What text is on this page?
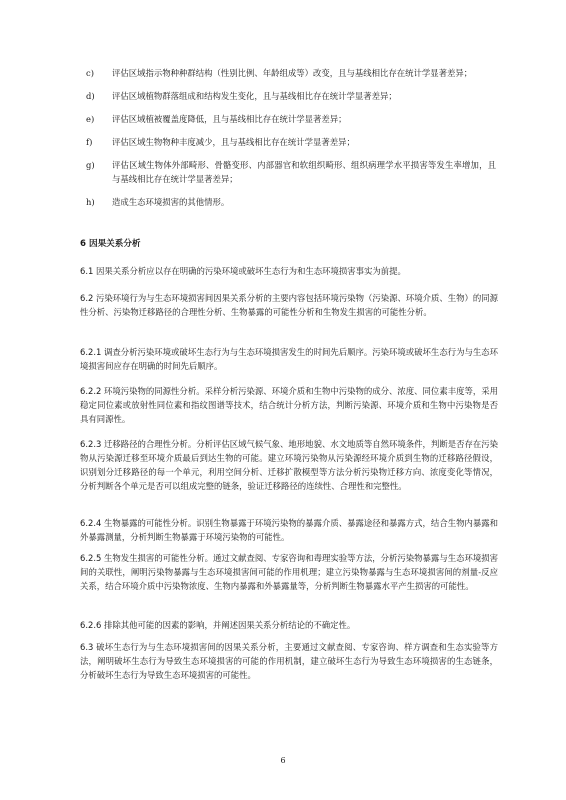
c)	评估区域指示物种种群结构（性别比例、年龄组成等）改变，且与基线相比存在统计学显著差异；
d)	评估区域植物群落组成和结构发生变化，且与基线相比存在统计学显著差异；
e)	评估区域植被覆盖度降低，且与基线相比存在统计学显著差异；
f)	评估区域生物物种丰度减少，且与基线相比存在统计学显著差异；
g)	评估区域生物体外部畸形、骨骼变形、内部器官和软组织畸形、组织病理学水平损害等发生率增加，且与基线相比存在统计学显著差异；
h)	造成生态环境损害的其他情形。
6 因果关系分析
6.1 因果关系分析应以存在明确的污染环境或破坏生态行为和生态环境损害事实为前提。
6.2 污染环境行为与生态环境损害间因果关系分析的主要内容包括环境污染物（污染源、环境介质、生物）的同源性分析、污染物迁移路径的合理性分析、生物暴露的可能性分析和生物发生损害的可能性分析。
6.2.1 调查分析污染环境或破坏生态行为与生态环境损害发生的时间先后顺序。污染环境或破坏生态行为与生态环境损害间应存在明确的时间先后顺序。
6.2.2 环境污染物的同源性分析。采样分析污染源、环境介质和生物中污染物的成分、浓度、同位素丰度等，采用稳定同位素或放射性同位素和指纹图谱等技术，结合统计分析方法，判断污染源、环境介质和生物中污染物是否具有同源性。
6.2.3 迁移路径的合理性分析。分析评估区域气候气象、地形地貌、水文地质等自然环境条件，判断是否存在污染物从污染源迁移至环境介质最后到达生物的可能。建立环境污染物从污染源经环境介质到生物的迁移路径假设，识别划分迁移路径的每一个单元，利用空间分析、迁移扩散模型等方法分析污染物迁移方向、浓度变化等情况，分析判断各个单元是否可以组成完整的链条，验证迁移路径的连续性、合理性和完整性。
6.2.4 生物暴露的可能性分析。识别生物暴露于环境污染物的暴露介质、暴露途径和暴露方式，结合生物内暴露和外暴露测量，分析判断生物暴露于环境污染物的可能性。
6.2.5 生物发生损害的可能性分析。通过文献查阅、专家咨询和毒理实验等方法，分析污染物暴露与生态环境损害间的关联性，阐明污染物暴露与生态环境损害间可能的作用机理；建立污染物暴露与生态环境损害间的剂量-反应关系，结合环境介质中污染物浓度、生物内暴露和外暴露量等，分析判断生物暴露水平产生损害的可能性。
6.2.6 排除其他可能的因素的影响，并阐述因果关系分析结论的不确定性。
6.3 破坏生态行为与生态环境损害间的因果关系分析，主要通过文献查阅、专家咨询、样方调查和生态实验等方法，阐明破坏生态行为导致生态环境损害的可能的作用机制，建立破坏生态行为导致生态环境损害的生态链条，分析破坏生态行为导致生态环境损害的可能性。
6
